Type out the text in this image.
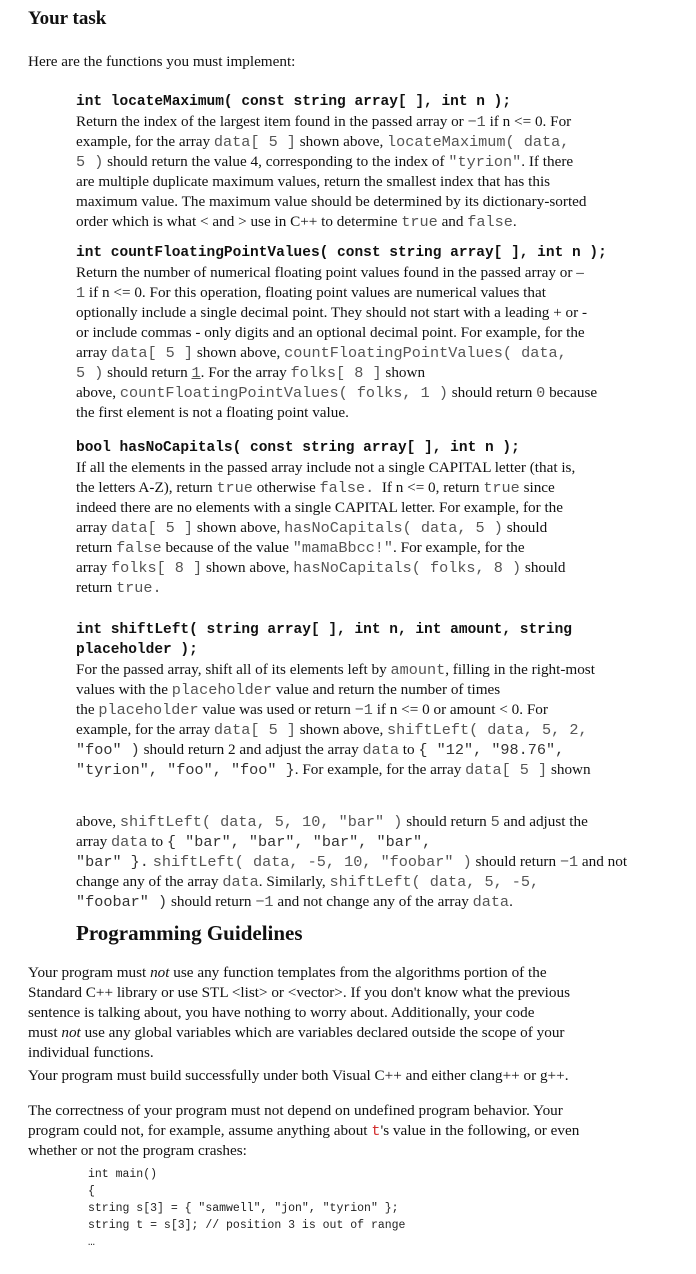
Your task

Here are the functions you must implement:

int locateMaximum( const string array[ ], int n );
Return the index of the largest item found in the passed array or −1 if n <= 0. For
example, for the array data[ 5 ] shown above, locateMaximum( data,
5 ) should return the value 4, corresponding to the index of "tyrion". If there
are multiple duplicate maximum values, return the smallest index that has this
maximum value. The maximum value should be determined by its dictionary-sorted
order which is what < and > use in C++ to determine true and false.
int countFloatingPointValues( const string array[ ], int n );
Return the number of numerical floating point values found in the passed array or –
1 if n <= 0. For this operation, floating point values are numerical values that
optionally include a single decimal point. They should not start with a leading + or -
or include commas - only digits and an optional decimal point. For example, for the
array data[ 5 ] shown above, countFloatingPointValues( data,
5 ) should return 1. For the array folks[ 8 ] shown
above, countFloatingPointValues( folks, 1 ) should return 0 because
the first element is not a floating point value.
bool hasNoCapitals( const string array[ ], int n );
If all the elements in the passed array include not a single CAPITAL letter (that is,
the letters A-Z), return true otherwise false. If n <= 0, return true since
indeed there are no elements with a single CAPITAL letter. For example, for the
array data[ 5 ] shown above, hasNoCapitals( data, 5 ) should
return false because of the value "mamaBbcc!". For example, for the
array folks[ 8 ] shown above, hasNoCapitals( folks, 8 ) should
return true.
int shiftLeft( string array[ ], int n, int amount, string
placeholder );
For the passed array, shift all of its elements left by amount, filling in the right-most
values with the placeholder value and return the number of times
the placeholder value was used or return −1 if n <= 0 or amount < 0. For
example, for the array data[ 5 ] shown above, shiftLeft( data, 5, 2,
"foo" ) should return 2 and adjust the array data to { "12", "98.76",
"tyrion", "foo", "foo" }. For example, for the array data[ 5 ] shown
above, shiftLeft( data, 5, 10, "bar" ) should return 5 and adjust the
array data to { "bar", "bar", "bar", "bar",
"bar" }. shiftLeft( data, -5, 10, "foobar" ) should return −1 and not
change any of the array data. Similarly, shiftLeft( data, 5, -5,
"foobar" ) should return −1 and not change any of the array data.
Programming Guidelines
Your program must not use any function templates from the algorithms portion of the
Standard C++ library or use STL <list> or <vector>. If you don't know what the previous
sentence is talking about, you have nothing to worry about. Additionally, your code
must not use any global variables which are variables declared outside the scope of your
individual functions.
Your program must build successfully under both Visual C++ and either clang++ or g++.
The correctness of your program must not depend on undefined program behavior. Your
program could not, for example, assume anything about t's value in the following, or even
whether or not the program crashes:
int main()
{
string s[3] = { "samwell", "jon", "tyrion" };
string t = s[3]; // position 3 is out of range
…
